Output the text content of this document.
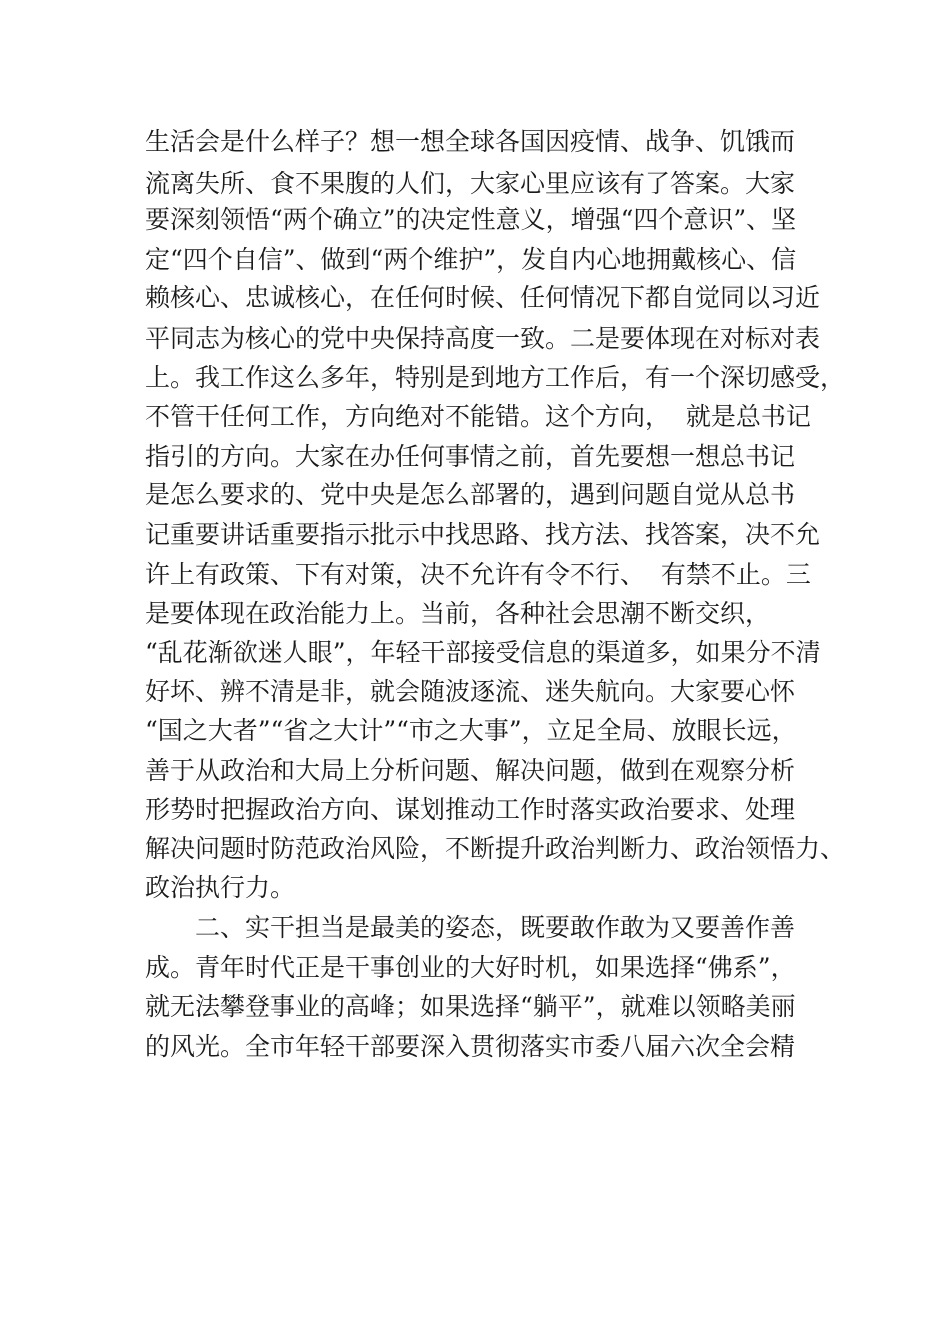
生活会是什么样子？想一想全球各国因疫情、战争、饥饿而
流离失所、食不果腹的人们，大家心里应该有了答案。大家
要深刻领悟“两个确立”的决定性意义，增强“四个意识”、坚
定“四个自信”、做到“两个维护”，发自内心地拥戴核心、信
赖核心、忠诚核心，在任何时候、任何情况下都自觉同以习近
平同志为核心的党中央保持高度一致。二是要体现在对标对表
上。我工作这么多年，特别是到地方工作后，有一个深切感受，
不管干任何工作，方向绝对不能错。这个方向，  就是总书记
指引的方向。大家在办任何事情之前，首先要想一想总书记
是怎么要求的、党中央是怎么部署的，遇到问题自觉从总书
记重要讲话重要指示批示中找思路、找方法、找答案，决不允
许上有政策、下有对策，决不允许有令不行、  有禁不止。三
是要体现在政治能力上。当前，各种社会思潮不断交织，
“乱花渐欲迷人眼”，年轻干部接受信息的渠道多，如果分不清
好坏、辨不清是非，就会随波逐流、迷失航向。大家要心怀
“国之大者”“省之大计”“市之大事”，立足全局、放眼长远，
善于从政治和大局上分析问题、解决问题，做到在观察分析
形势时把握政治方向、谋划推动工作时落实政治要求、处理
解决问题时防范政治风险，不断提升政治判断力、政治领悟力、
政治执行力。
二、实干担当是最美的姿态，既要敢作敢为又要善作善
成。青年时代正是干事创业的大好时机，如果选择“佛系”，
就无法攀登事业的高峰；如果选择“躺平”，就难以领略美丽
的风光。全市年轻干部要深入贯彻落实市委八届六次全会精
